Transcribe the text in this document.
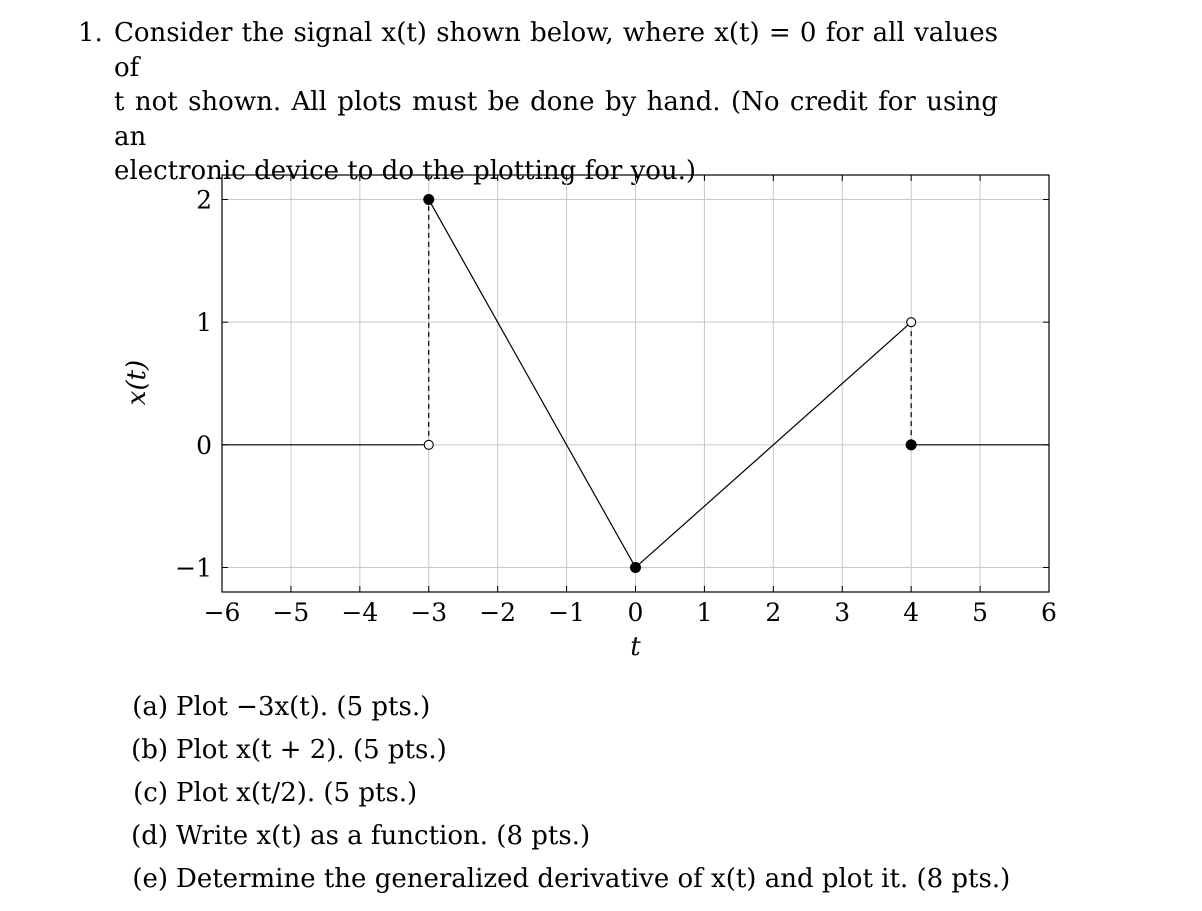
1. Consider the signal x(t) shown below, where x(t) = 0 for all values of
t not shown. All plots must be done by hand. (No credit for using an
electronic device to do the plotting for you.)
−6 −5 −4 −3 −2 −1 0 1 2 3 4 5 6
−1
0
1
2
t
x(t)
(a) Plot −3x(t). (5 pts.)
(b) Plot x(t + 2). (5 pts.)
(c) Plot x(t/2). (5 pts.)
(d) Write x(t) as a function. (8 pts.)
(e) Determine the generalized derivative of x(t) and plot it. (8 pts.)
